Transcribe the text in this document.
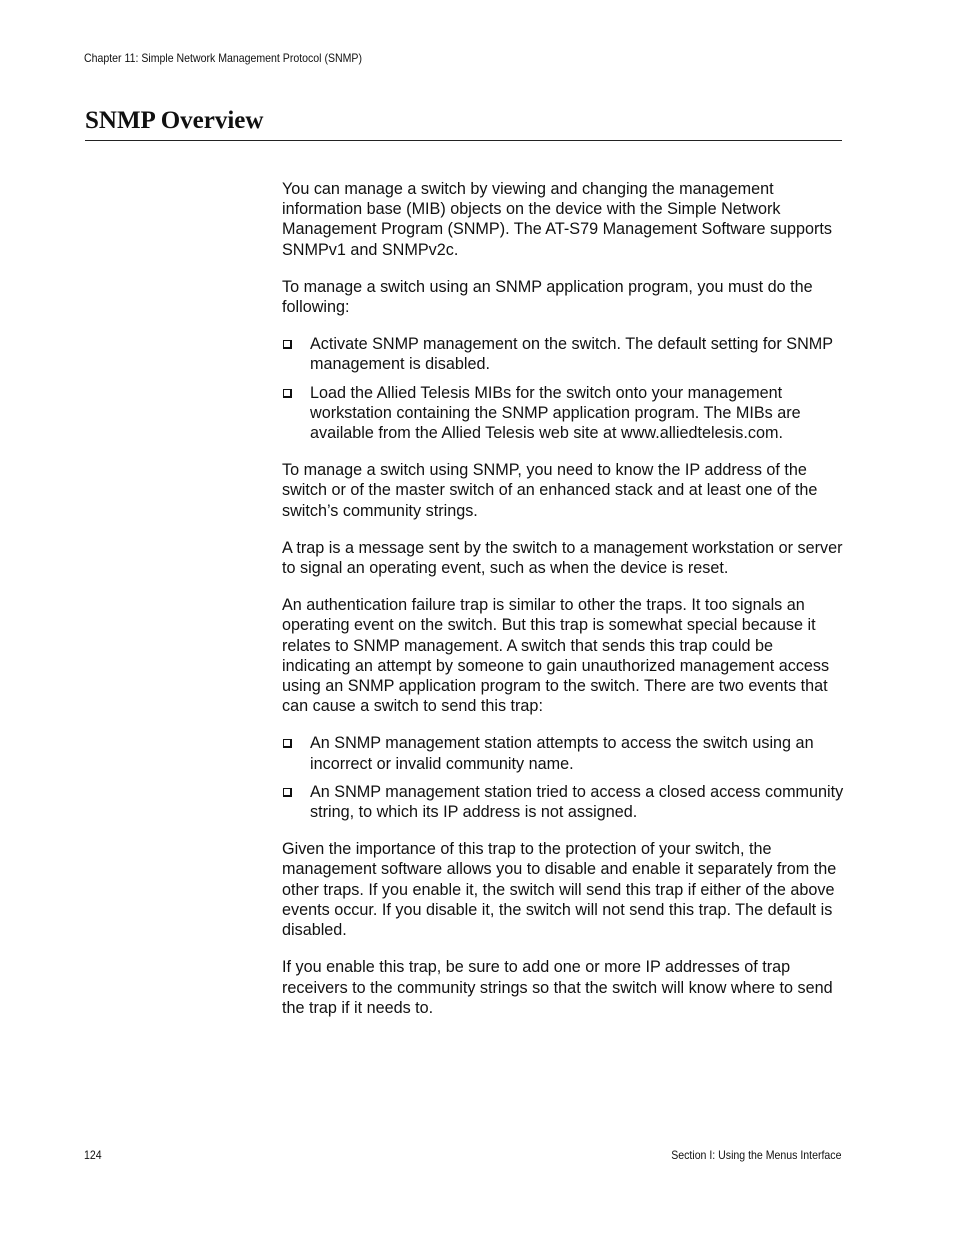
Chapter 11: Simple Network Management Protocol (SNMP)
SNMP Overview

You can manage a switch by viewing and changing the management information base (MIB) objects on the device with the Simple Network Management Program (SNMP). The AT-S79 Management Software supports SNMPv1 and SNMPv2c.

To manage a switch using an SNMP application program, you must do the following:

Activate SNMP management on the switch. The default setting for SNMP management is disabled.
Load the Allied Telesis MIBs for the switch onto your management workstation containing the SNMP application program. The MIBs are available from the Allied Telesis web site at www.alliedtelesis.com.

To manage a switch using SNMP, you need to know the IP address of the switch or of the master switch of an enhanced stack and at least one of the switch’s community strings.

A trap is a message sent by the switch to a management workstation or server to signal an operating event, such as when the device is reset.

An authentication failure trap is similar to other the traps. It too signals an operating event on the switch. But this trap is somewhat special because it relates to SNMP management. A switch that sends this trap could be indicating an attempt by someone to gain unauthorized management access using an SNMP application program to the switch. There are two events that can cause a switch to send this trap:

An SNMP management station attempts to access the switch using an incorrect or invalid community name.
An SNMP management station tried to access a closed access community string, to which its IP address is not assigned.

Given the importance of this trap to the protection of your switch, the management software allows you to disable and enable it separately from the other traps. If you enable it, the switch will send this trap if either of the above events occur. If you disable it, the switch will not send this trap. The default is disabled.

If you enable this trap, be sure to add one or more IP addresses of trap receivers to the community strings so that the switch will know where to send the trap if it needs to.

124	Section I: Using the Menus Interface
